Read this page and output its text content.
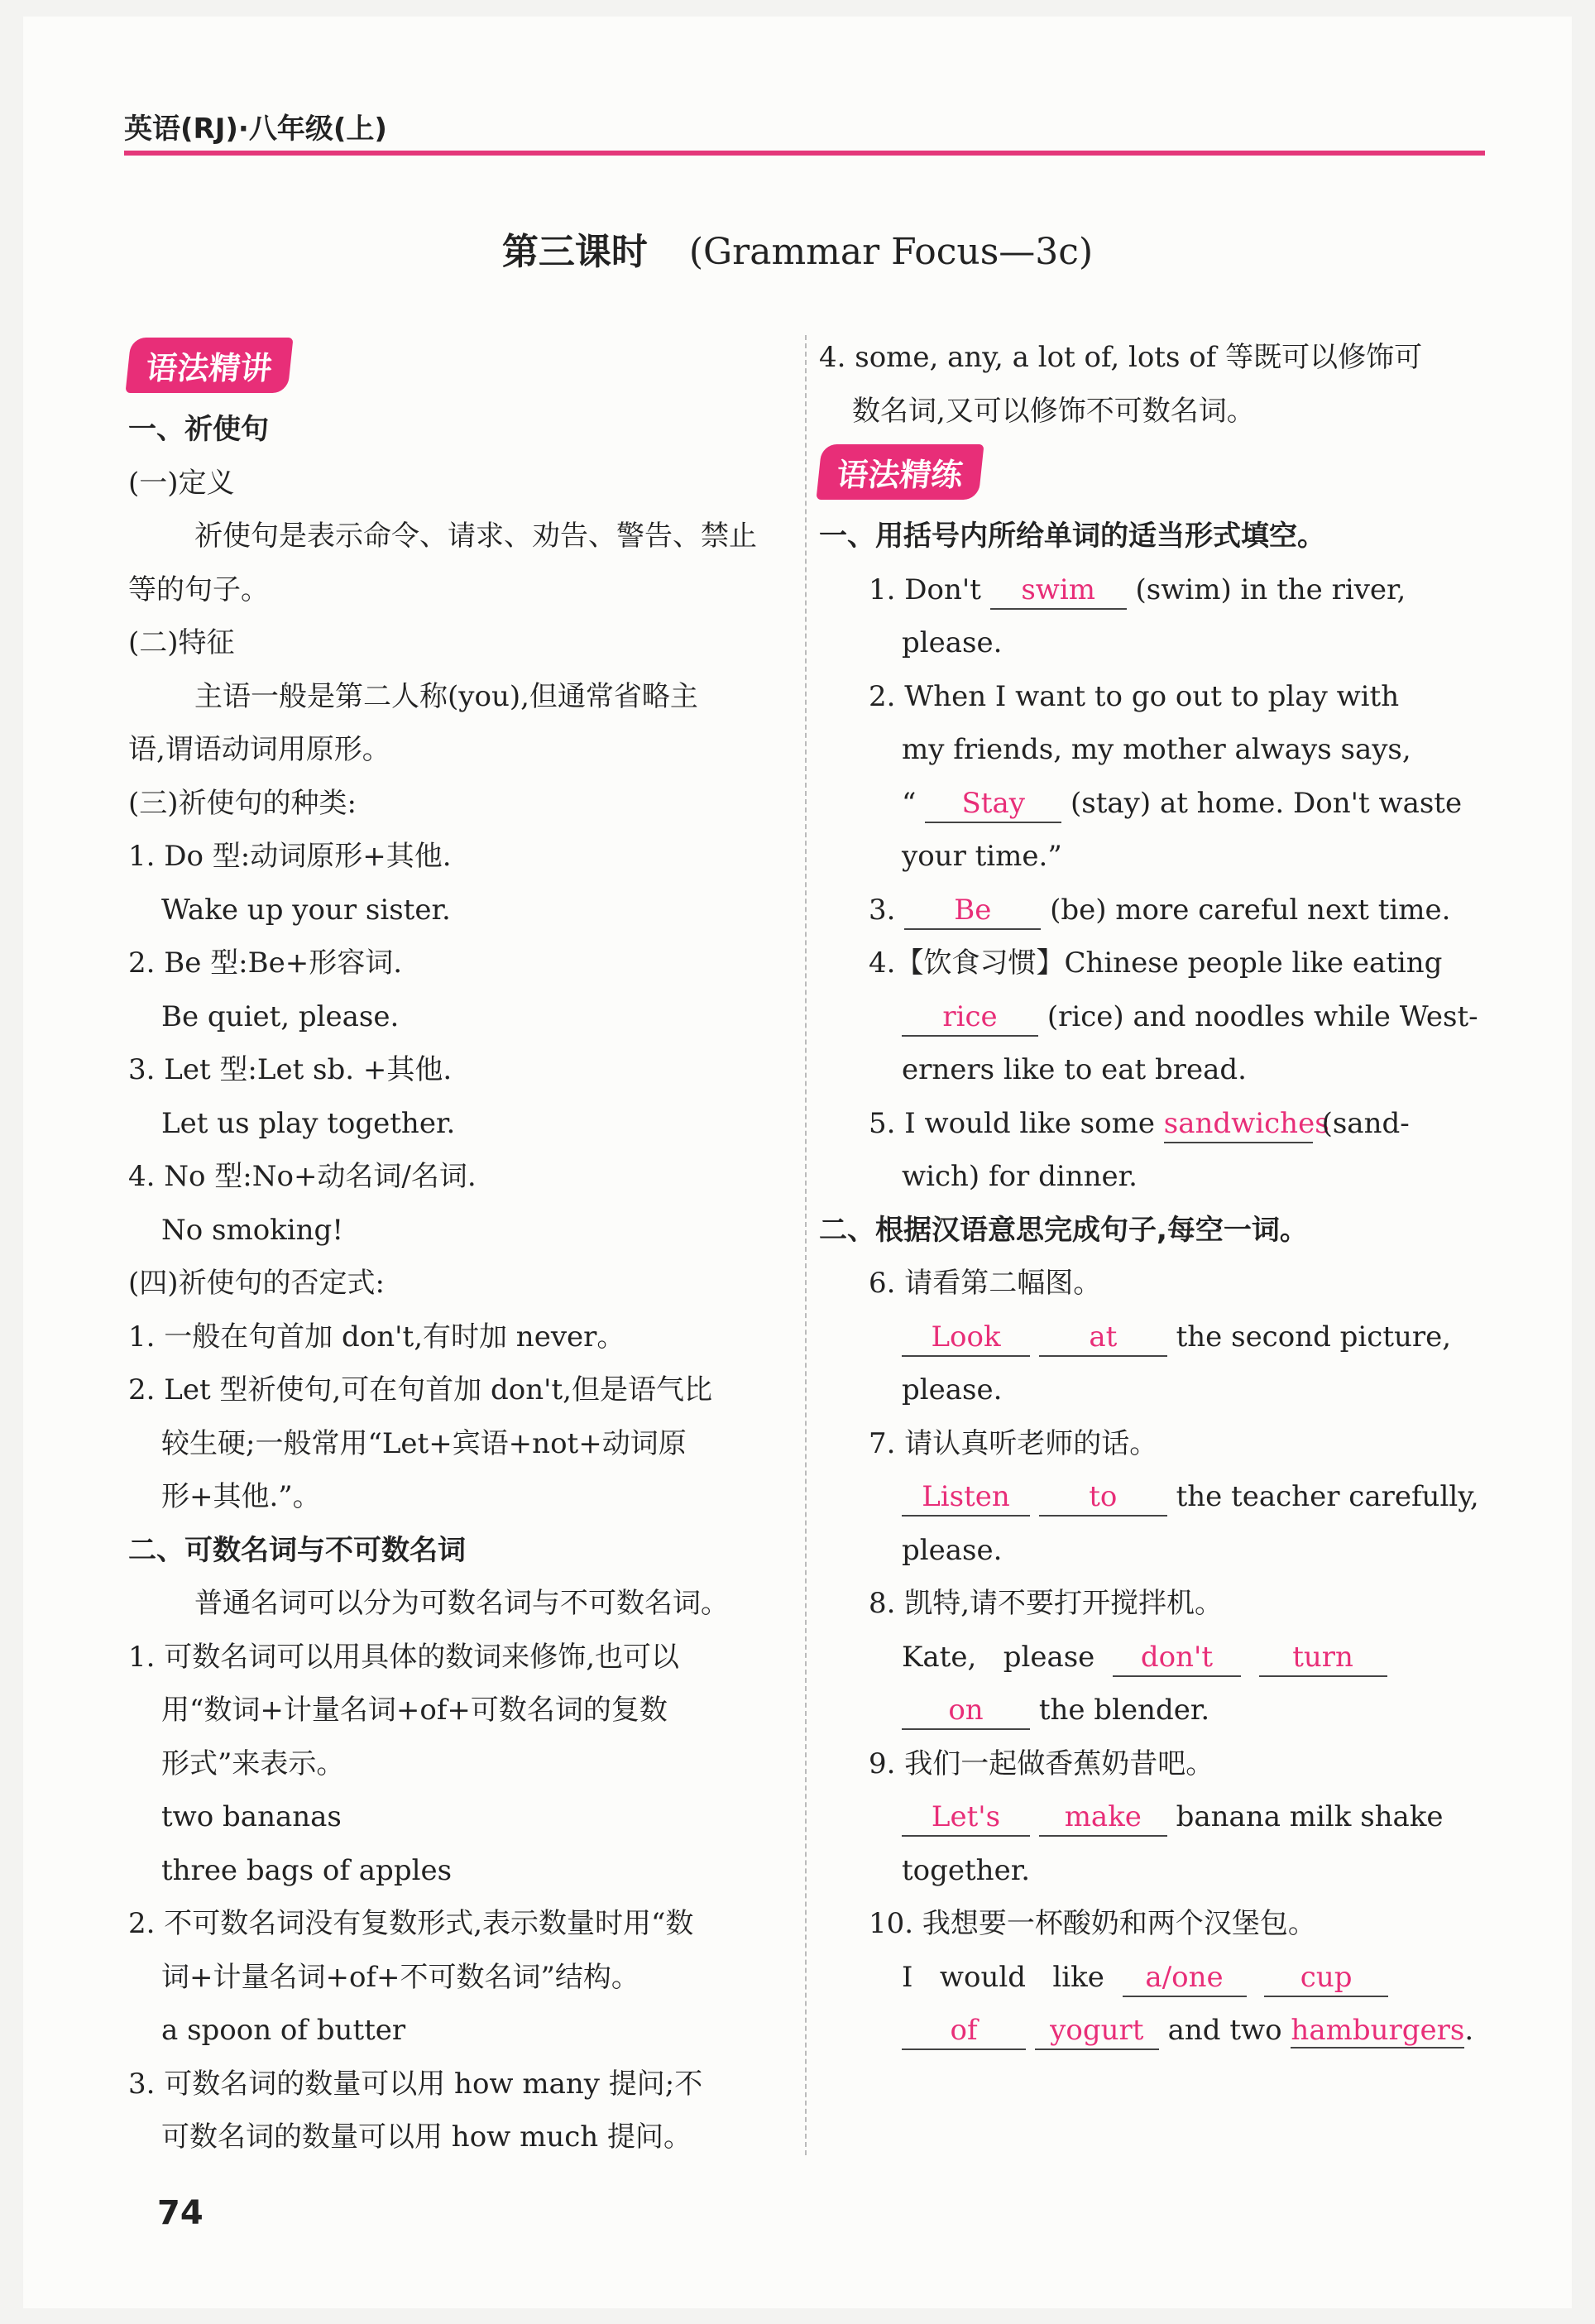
英语(RJ)·八年级(上)
第三课时 (Grammar Focus—3c)
语法精讲
一、祈使句
(一)定义
祈使句是表示命令、请求、劝告、警告、禁止
等的句子。
(二)特征
主语一般是第二人称(you),但通常省略主
语,谓语动词用原形。
(三)祈使句的种类:
1. Do 型:动词原形+其他.
Wake up your sister.
2. Be 型:Be+形容词.
Be quiet, please.
3. Let 型:Let sb. +其他.
Let us play together.
4. No 型:No+动名词/名词.
No smoking!
(四)祈使句的否定式:
1. 一般在句首加 don't,有时加 never。
2. Let 型祈使句,可在句首加 don't,但是语气比
较生硬;一般常用“Let+宾语+not+动词原
形+其他.”。
二、可数名词与不可数名词
普通名词可以分为可数名词与不可数名词。
1. 可数名词可以用具体的数词来修饰,也可以
用“数词+计量名词+of+可数名词的复数
形式”来表示。
two bananas
three bags of apples
2. 不可数名词没有复数形式,表示数量时用“数
词+计量名词+of+不可数名词”结构。
a spoon of butter
3. 可数名词的数量可以用 how many 提问;不
可数名词的数量可以用 how much 提问。
4. some, any, a lot of, lots of 等既可以修饰可
数名词,又可以修饰不可数名词。
语法精练
一、用括号内所给单词的适当形式填空。
1. Don't swim (swim) in the river,
please.
2. When I want to go out to play with
my friends, my mother always says,
“ Stay (stay) at home. Don't waste
your time.”
3. Be (be) more careful next time.
4.【饮食习惯】Chinese people like eating
rice (rice) and noodles while West-
erners like to eat bread.
5. I would like some sandwiches (sand-
wich) for dinner.
二、根据汉语意思完成句子,每空一词。
6. 请看第二幅图。
Look	at the second picture,
please.
7. 请认真听老师的话。
Listen	to the teacher carefully,
please.
8. 凯特,请不要打开搅拌机。
Kate, please don't	turn
on the blender.
9. 我们一起做香蕉奶昔吧。
Let's make banana milk shake
together.
10. 我想要一杯酸奶和两个汉堡包。
I would like a/one	cup
of	yogurt and two hamburgers.
74
